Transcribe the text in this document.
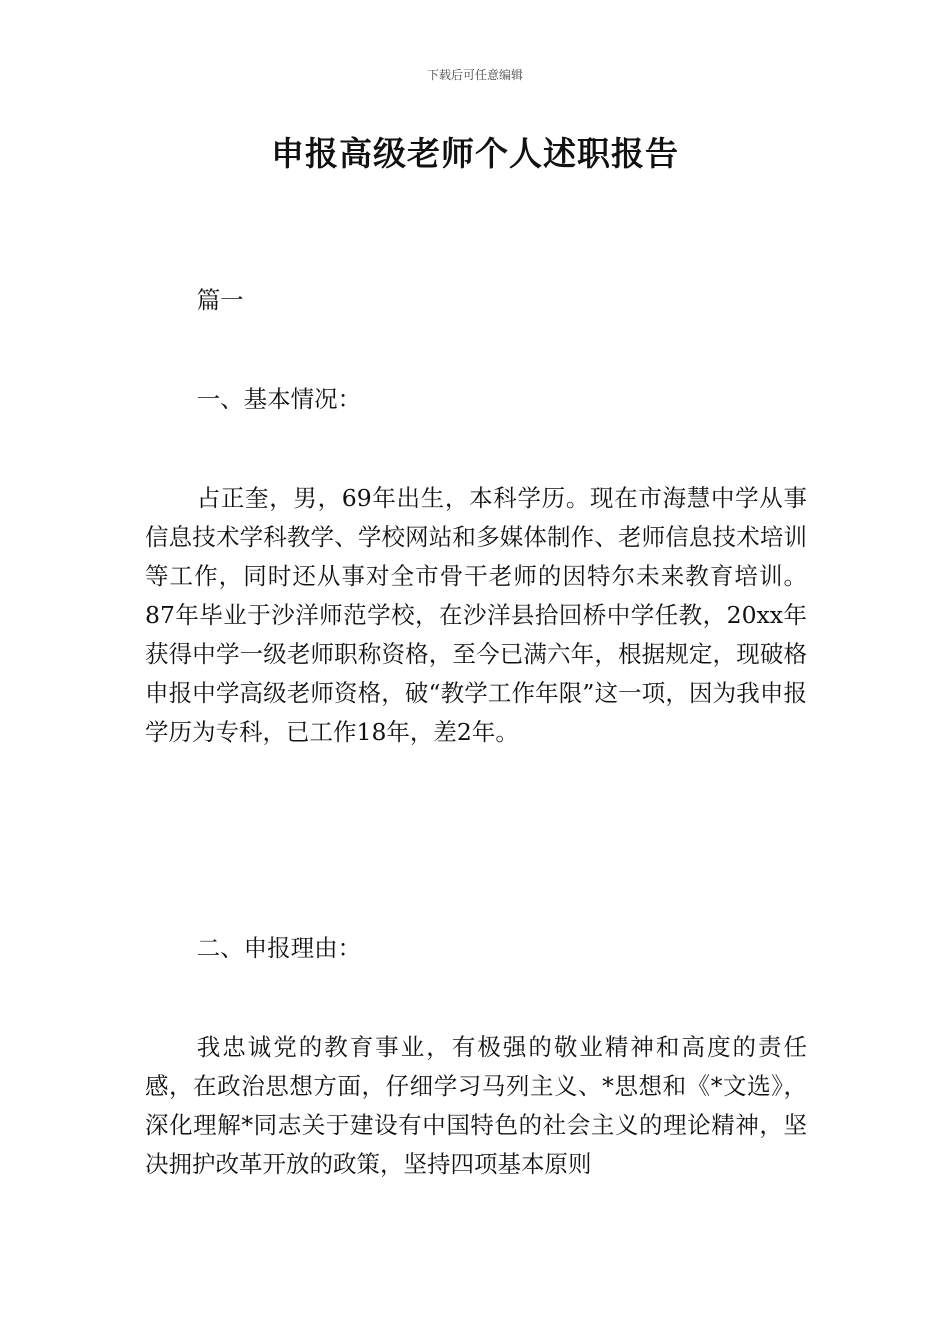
下载后可任意编辑
申报高级老师个人述职报告

篇一

一、基本情况：

占正奎，男，69年出生，本科学历。现在市海慧中学从事信息技术学科教学、学校网站和多媒体制作、老师信息技术培训等工作，同时还从事对全市骨干老师的因特尔未来教育培训。87年毕业于沙洋师范学校，在沙洋县拾回桥中学任教，20xx年获得中学一级老师职称资格，至今已满六年，根据规定，现破格申报中学高级老师资格，破“教学工作年限”这一项，因为我申报学历为专科，已工作18年，差2年。

二、申报理由：

我忠诚党的教育事业，有极强的敬业精神和高度的责任感，在政治思想方面，仔细学习马列主义、*思想和《*文选》，深化理解*同志关于建设有中国特色的社会主义的理论精神，坚决拥护改革开放的政策，坚持四项基本原则
